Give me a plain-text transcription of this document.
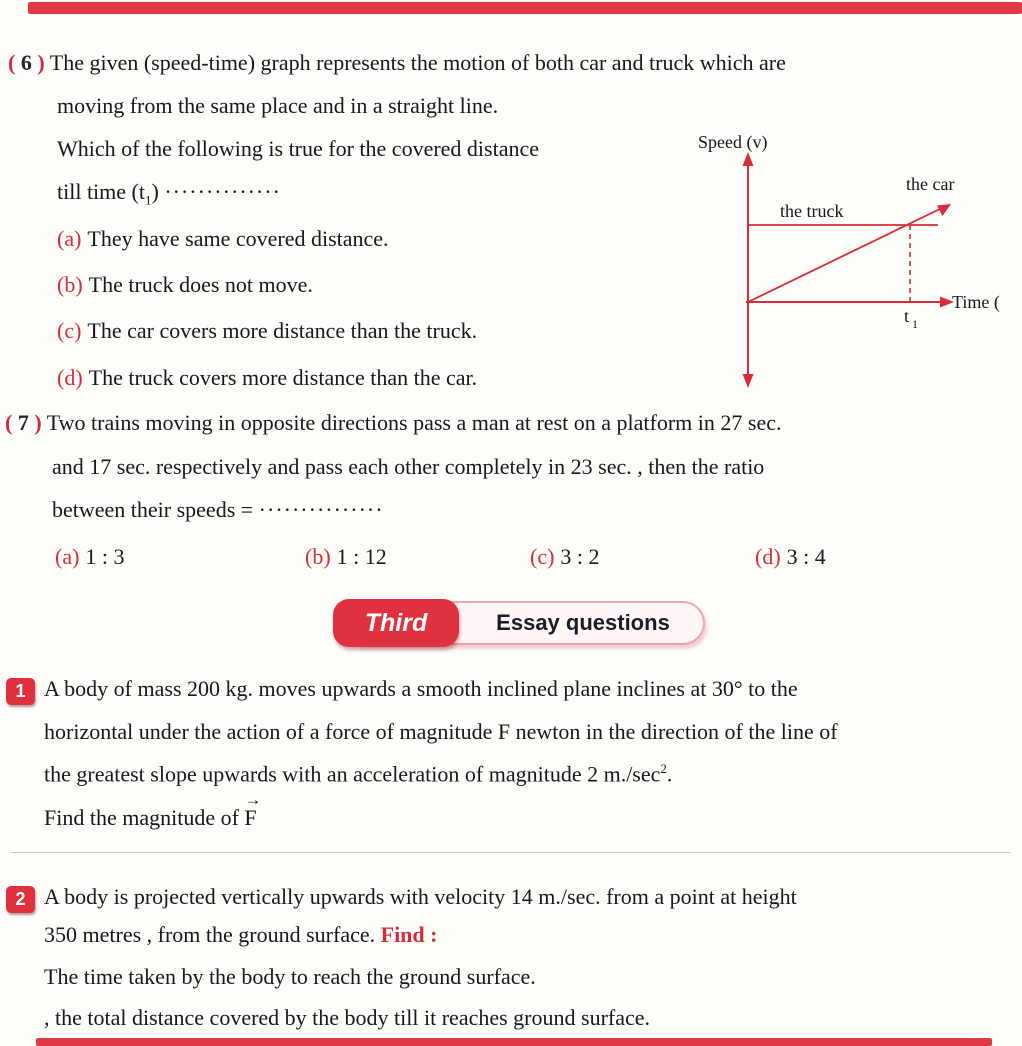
( 6 ) The given (speed-time) graph represents the motion of both car and truck which are
moving from the same place and in a straight line.
Which of the following is true for the covered distance
till time $(t_1)$ ··············
(a) They have same covered distance.
(b) The truck does not move.
(c) The car covers more distance than the truck.
(d) The truck covers more distance than the car.
Speed (v)
the truck
the car
Time (
t 1
( 7 ) Two trains moving in opposite directions pass a man at rest on a platform in 27 sec.
and 17 sec. respectively and pass each other completely in 23 sec. , then the ratio
between their speeds = ···············
(a) 1 : 3	(b) 1 : 12	(c) 3 : 2	(d) 3 : 4
Essay questions
Third
1 A body of mass 200 kg. moves upwards a smooth inclined plane inclines at 30° to the
horizontal under the action of a force of magnitude F newton in the direction of the line of
the greatest slope upwards with an acceleration of magnitude 2 $m./\sec^2$.
Find the magnitude of
→
F
2 A body is projected vertically upwards with velocity 14 m./sec. from a point at height
350 metres , from the ground surface. Find :
The time taken by the body to reach the ground surface.
, the total distance covered by the body till it reaches ground surface.
